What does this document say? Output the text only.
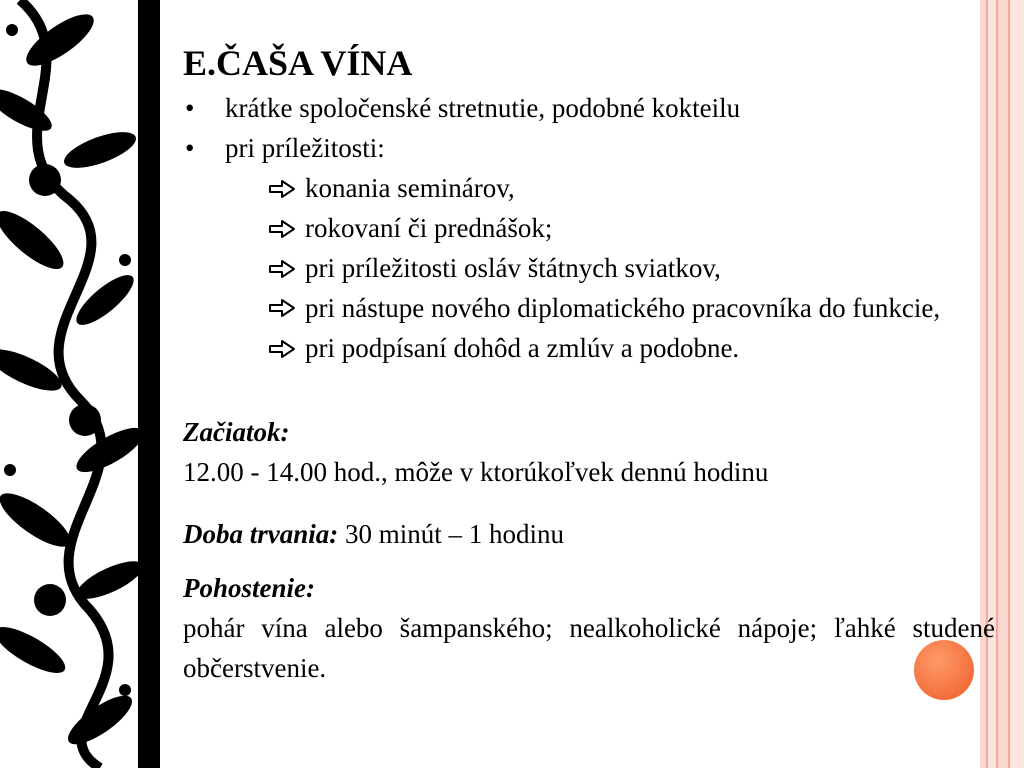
E.ČAŠA VÍNA
•	krátke spoločenské stretnutie, podobné kokteilu
•	pri príležitosti:
konania seminárov,
rokovaní či prednášok;
pri príležitosti osláv štátnych sviatkov,
pri nástupe nového diplomatického pracovníka do funkcie,
pri podpísaní dohôd a zmlúv a podobne.
Začiatok:
12.00 - 14.00 hod., môže v ktorúkoľvek dennú hodinu
Doba trvania: 30 minút – 1 hodinu
Pohostenie:
pohár vína alebo šampanského; nealkoholické nápoje; ľahké studené občerstvenie.
